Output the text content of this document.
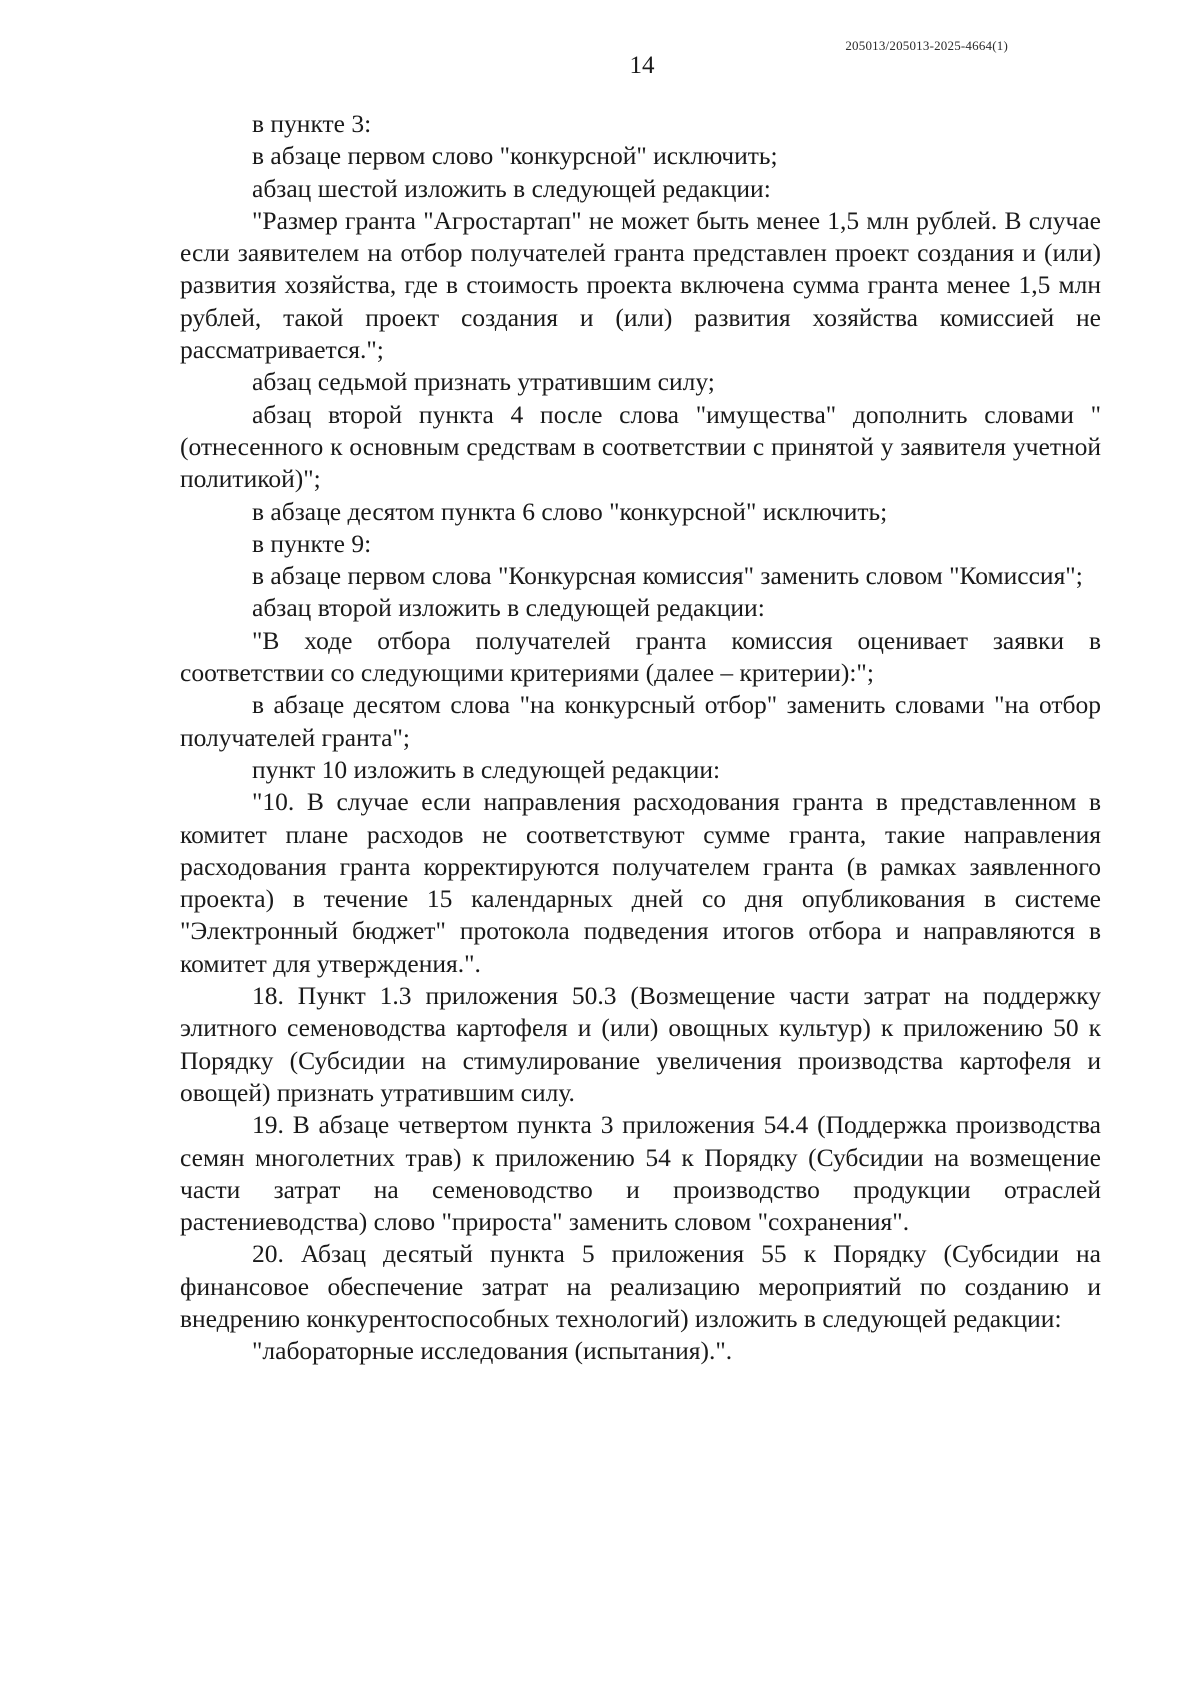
205013/205013-2025-4664(1)
14

в пункте 3:

в абзаце первом слово "конкурсной" исключить;

абзац шестой изложить в следующей редакции:

"Размер гранта "Агростартап" не может быть менее 1,5 млн рублей. В случае если заявителем на отбор получателей гранта представлен проект создания и (или) развития хозяйства, где в стоимость проекта включена сумма гранта менее 1,5 млн рублей, такой проект создания и (или) развития хозяйства комиссией не рассматривается.";

абзац седьмой признать утратившим силу;

абзац второй пункта 4 после слова "имущества" дополнить словами "(отнесенного к основным средствам в соответствии с принятой у заявителя учетной политикой)";

в абзаце десятом пункта 6 слово "конкурсной" исключить;

в пункте 9:

в абзаце первом слова "Конкурсная комиссия" заменить словом "Комиссия";

абзац второй изложить в следующей редакции:

"В ходе отбора получателей гранта комиссия оценивает заявки в соответствии со следующими критериями (далее – критерии):";

в абзаце десятом слова "на конкурсный отбор" заменить словами "на отбор получателей гранта";

пункт 10 изложить в следующей редакции:

"10. В случае если направления расходования гранта в представленном в комитет плане расходов не соответствуют сумме гранта, такие направления расходования гранта корректируются получателем гранта (в рамках заявленного проекта) в течение 15 календарных дней со дня опубликования в системе "Электронный бюджет" протокола подведения итогов отбора и направляются в комитет для утверждения.".

18. Пункт 1.3 приложения 50.3 (Возмещение части затрат на поддержку элитного семеноводства картофеля и (или) овощных культур) к приложению 50 к Порядку (Субсидии на стимулирование увеличения производства картофеля и овощей) признать утратившим силу.

19. В абзаце четвертом пункта 3 приложения 54.4 (Поддержка производства семян многолетних трав) к приложению 54 к Порядку (Субсидии на возмещение части затрат на семеноводство и производство продукции отраслей растениеводства) слово "прироста" заменить словом "сохранения".

20. Абзац десятый пункта 5 приложения 55 к Порядку (Субсидии на финансовое обеспечение затрат на реализацию мероприятий по созданию и внедрению конкурентоспособных технологий) изложить в следующей редакции:

"лабораторные исследования (испытания).".
